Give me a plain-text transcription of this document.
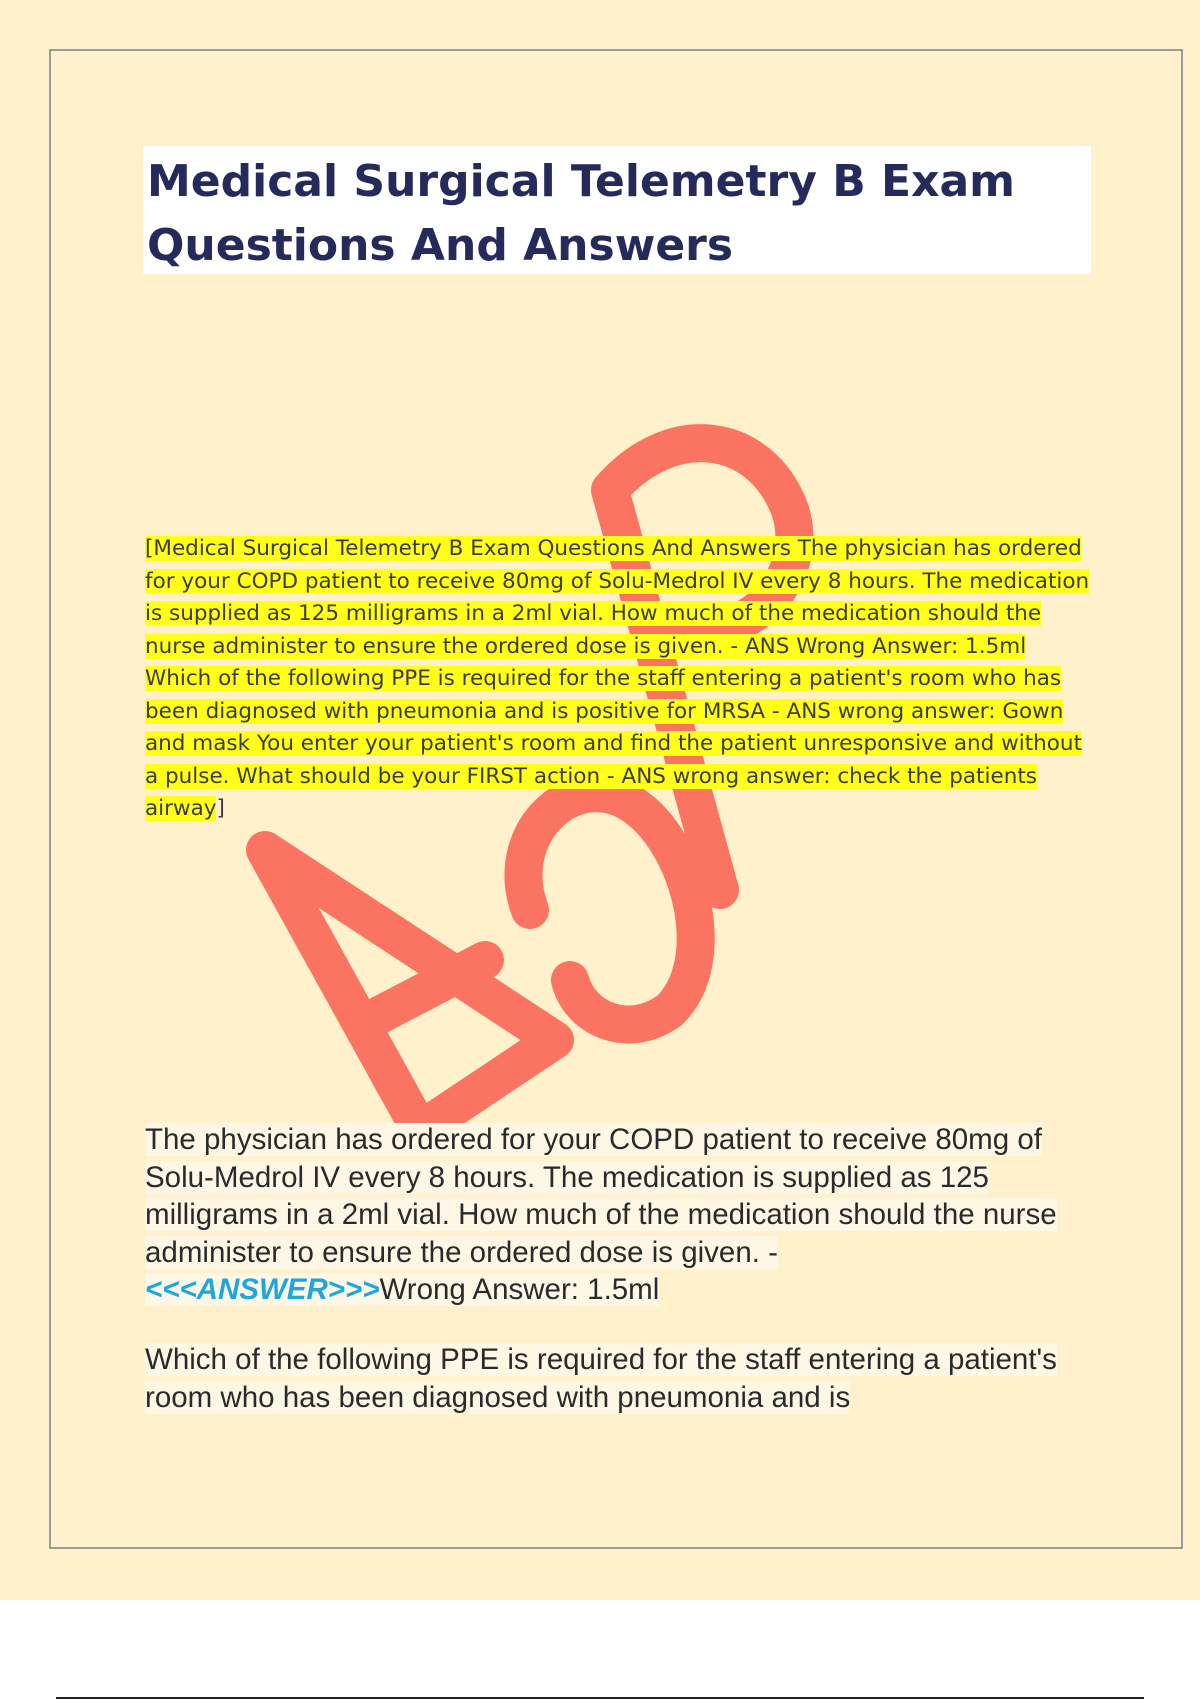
Medical Surgical Telemetry B Exam Questions And Answers

[Medical Surgical Telemetry B Exam Questions And Answers The physician has ordered for your COPD patient to receive 80mg of Solu-Medrol IV every 8 hours. The medication is supplied as 125 milligrams in a 2ml vial. How much of the medication should the nurse administer to ensure the ordered dose is given. - ANS Wrong Answer: 1.5ml Which of the following PPE is required for the staff entering a patient's room who has been diagnosed with pneumonia and is positive for MRSA - ANS wrong answer: Gown and mask You enter your patient's room and find the patient unresponsive and without a pulse. What should be your FIRST action - ANS wrong answer: check the patients airway]

The physician has ordered for your COPD patient to receive 80mg of Solu-Medrol IV every 8 hours. The medication is supplied as 125 milligrams in a 2ml vial. How much of the medication should the nurse administer to ensure the ordered dose is given. -
<<<ANSWER>>>Wrong Answer: 1.5ml

Which of the following PPE is required for the staff entering a patient's room who has been diagnosed with pneumonia and is
